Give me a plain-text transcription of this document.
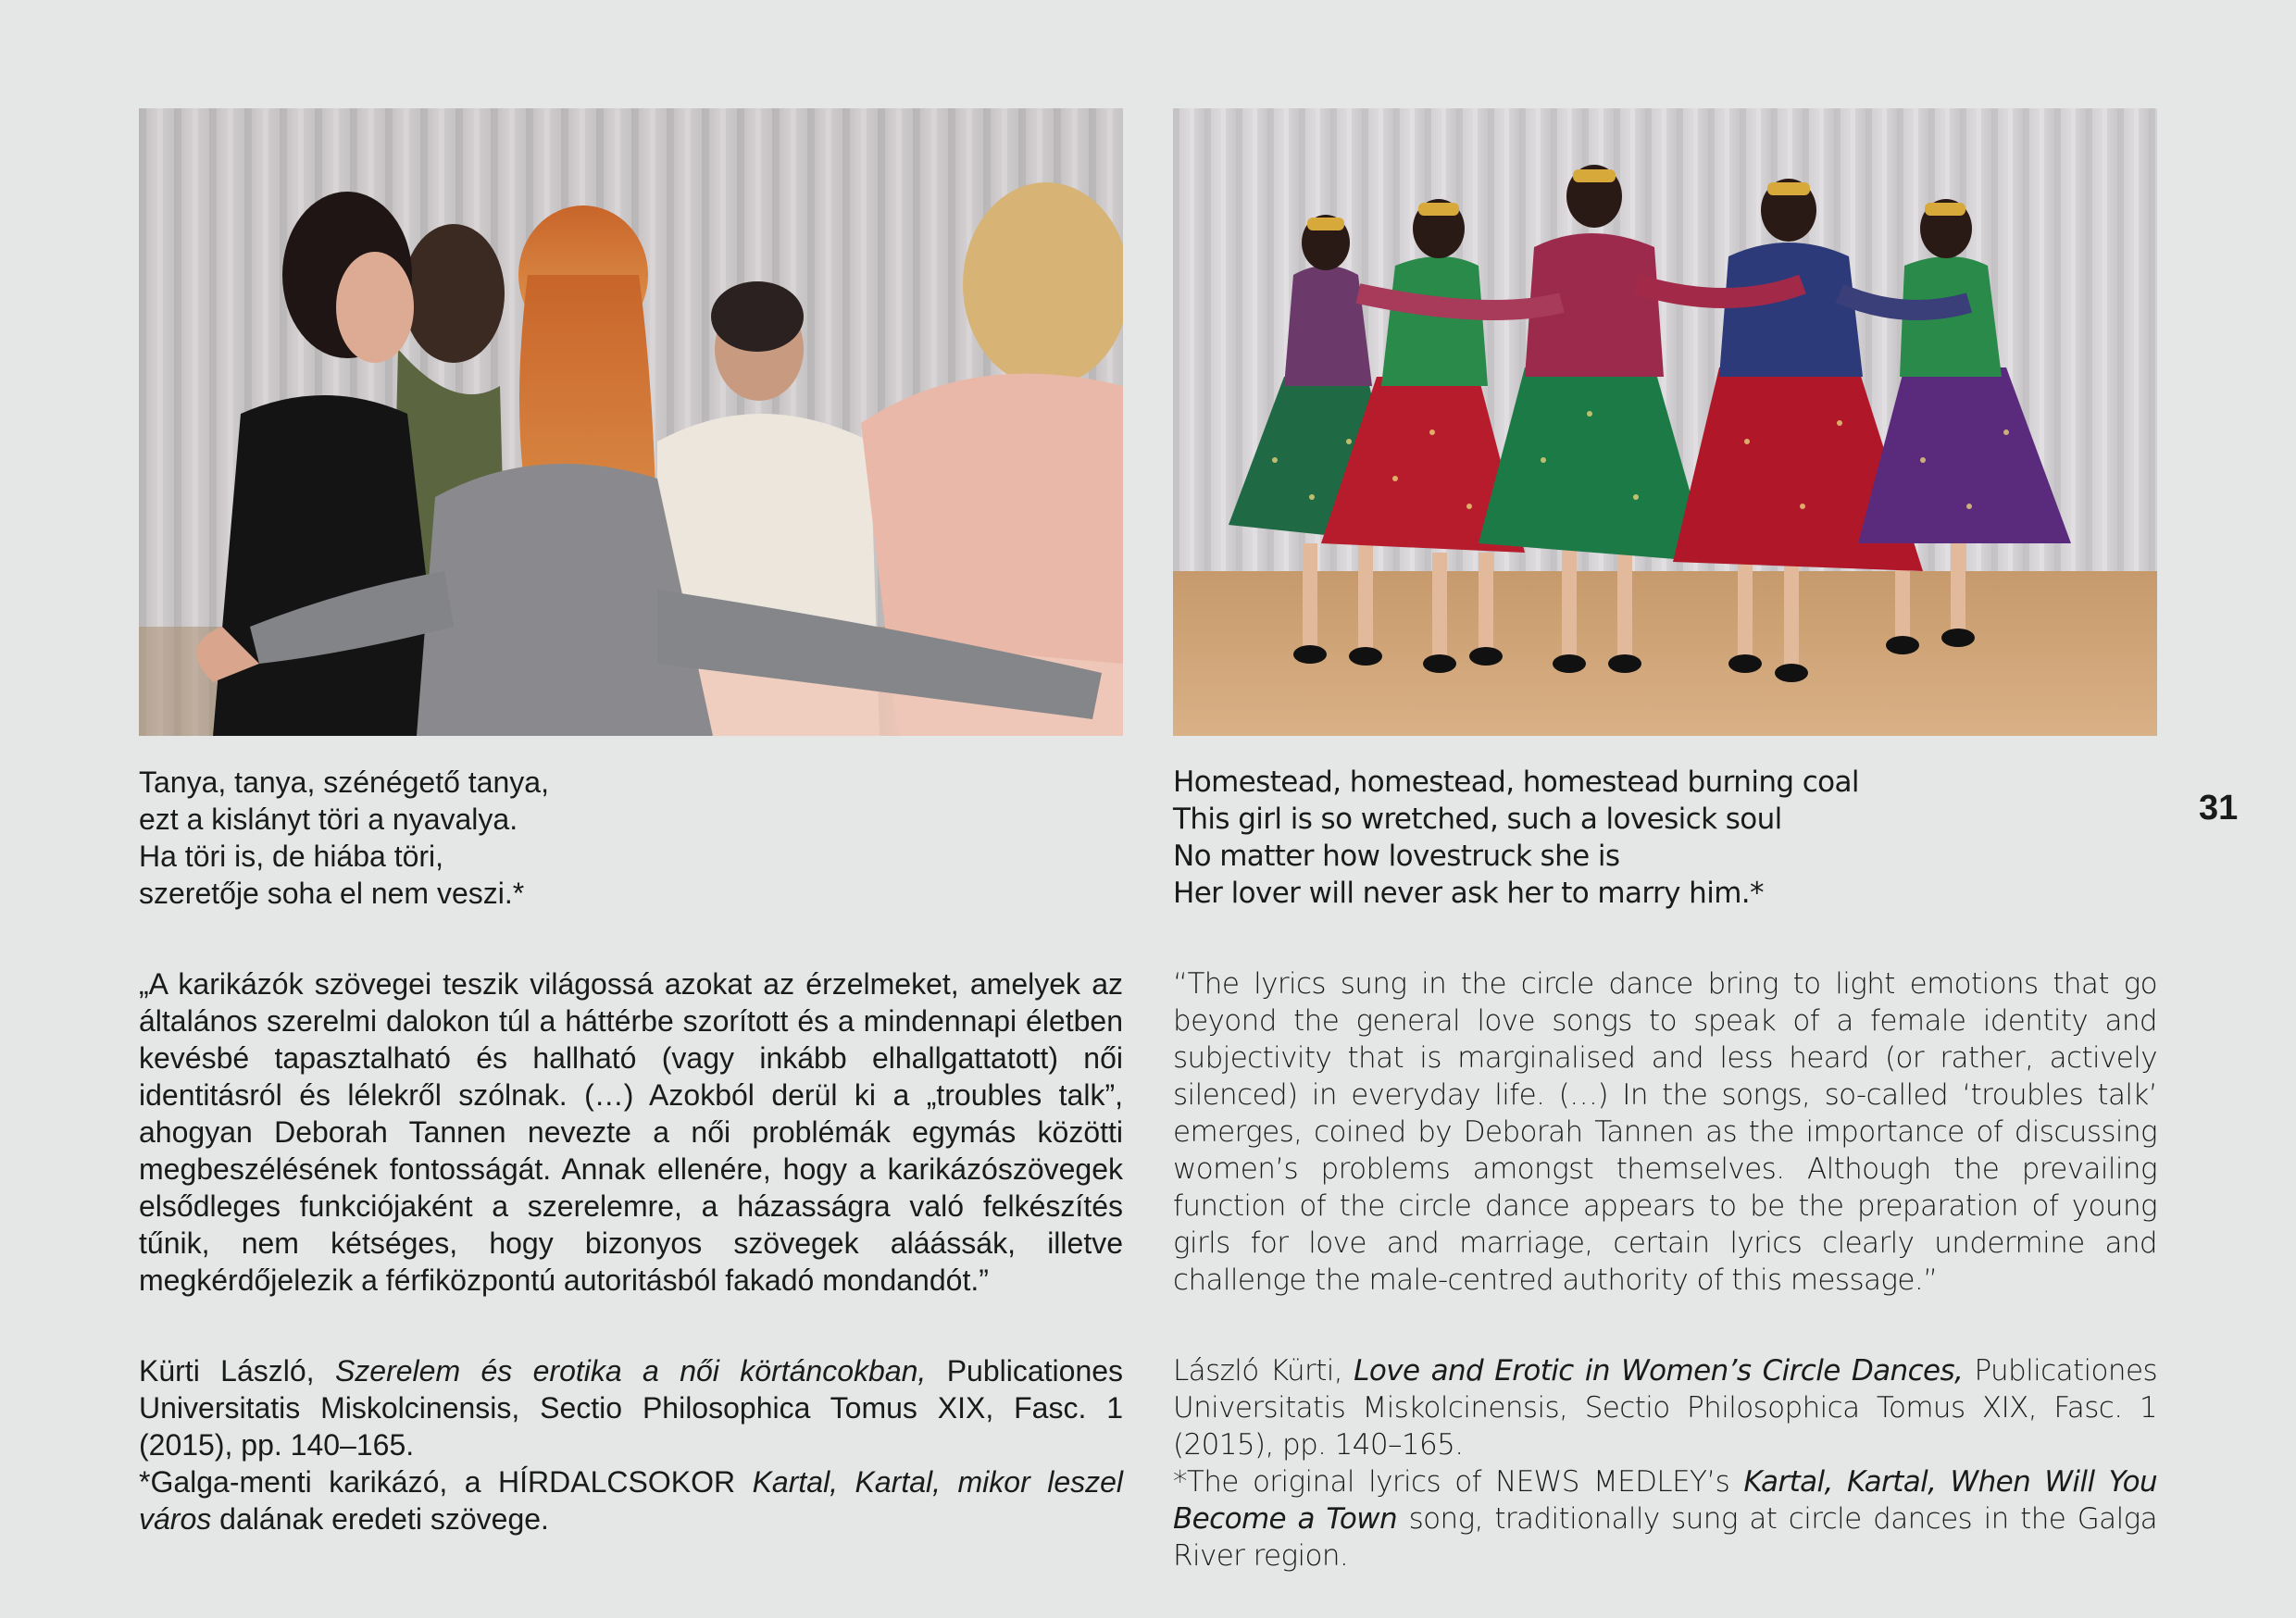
Tanya, tanya, szénégető tanya,
ezt a kislányt töri a nyavalya.
Ha töri is, de hiába töri,
szeretője soha el nem veszi.*

„A karikázók szövegei teszik világossá azokat az érzelmeket, amelyek az általános szerelmi dalokon túl a háttérbe szorított és a mindennapi életben kevésbé tapasztalható és hallható (vagy inkább elhallgattatott) női identitásról és lélekről szólnak. (…) Azokból derül ki a „troubles talk”, ahogyan Deborah Tannen nevezte a női problémák egymás közötti megbeszélésének fontosságát. Annak ellenére, hogy a karikázószövegek elsődleges funkciójaként a szerelemre, a házasságra való felkészítés tűnik, nem kétséges, hogy bizonyos szövegek aláássák, illetve megkérdőjelezik a férfiközpontú autoritásból fakadó mondandót.”

Kürti László, Szerelem és erotika a női körtáncokban, Publicationes Universitatis Miskolcinensis, Sectio Philosophica Tomus XIX, Fasc. 1 (2015), pp. 140–165.

*Galga-menti karikázó, a HÍRDALCSOKOR Kartal, Kartal, mikor leszel város dalának eredeti szövege.

Homestead, homestead, homestead burning coal
This girl is so wretched, such a lovesick soul
No matter how lovestruck she is
Her lover will never ask her to marry him.*

“The lyrics sung in the circle dance bring to light emotions that go beyond the general love songs to speak of a female identity and subjectivity that is marginalised and less heard (or rather, actively silenced) in everyday life. (…) In the songs, so-called ‘troubles talk’ emerges, coined by Deborah Tannen as the importance of discussing women’s problems amongst themselves. Although the prevailing function of the circle dance appears to be the preparation of young girls for love and marriage, certain lyrics clearly undermine and challenge the male-centred authority of this message.”

László Kürti, Love and Erotic in Women’s Circle Dances, Publicationes Universitatis Miskolcinensis, Sectio Philosophica Tomus XIX, Fasc. 1 (2015), pp. 140–165.

*The original lyrics of NEWS MEDLEY’s Kartal, Kartal, When Will You Become a Town song, traditionally sung at circle dances in the Galga River region.

31
